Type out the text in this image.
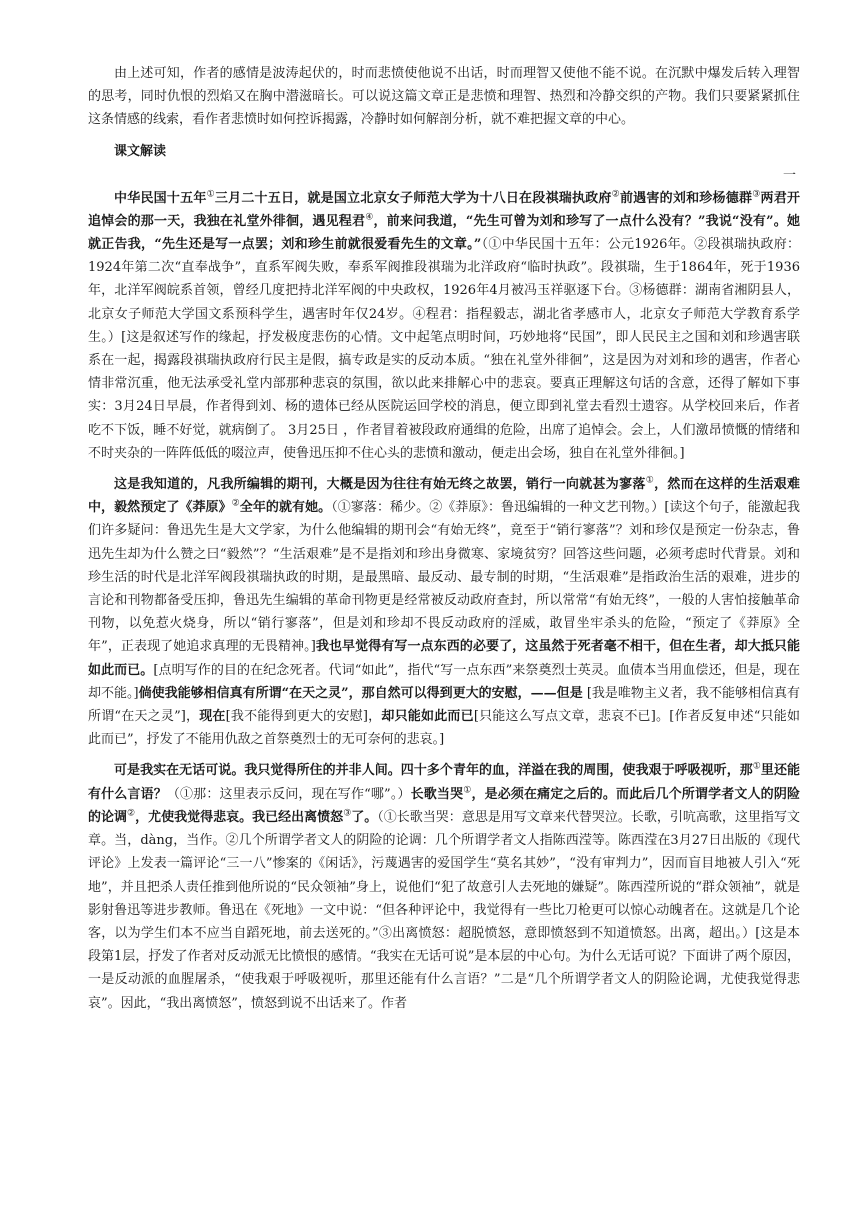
由上述可知，作者的感情是波涛起伏的，时而悲愤使他说不出话，时而理智又使他不能不说。在沉默中爆发后转入理智的思考，同时仇恨的烈焰又在胸中潜滋暗长。可以说这篇文章正是悲愤和理智、热烈和冷静交织的产物。我们只要紧紧抓住这条情感的线索，看作者悲愤时如何控诉揭露，冷静时如何解剖分析，就不难把握文章的中心。

课文解读
一

中华民国十五年①三月二十五日，就是国立北京女子师范大学为十八日在段祺瑞执政府②前遇害的刘和珍杨德群③两君开追悼会的那一天，我独在礼堂外徘徊，遇见程君④，前来问我道，“先生可曾为刘和珍写了一点什么没有？”我说“没有”。她就正告我，“先生还是写一点罢；刘和珍生前就很爱看先生的文章。”（①中华民国十五年：公元1926年。②段祺瑞执政府：1924年第二次“直奉战争”，直系军阀失败，奉系军阀推段祺瑞为北洋政府“临时执政”。段祺瑞，生于1864年，死于1936年，北洋军阀皖系首领，曾经几度把持北洋军阀的中央政权，1926年4月被冯玉祥驱逐下台。③杨德群：湖南省湘阴县人，北京女子师范大学国文系预科学生，遇害时年仅24岁。④程君：指程毅志，湖北省孝感市人，北京女子师范大学教育系学生。）[这是叙述写作的缘起，抒发极度悲伤的心情。文中起笔点明时间，巧妙地将“民国”，即人民民主之国和刘和珍遇害联系在一起，揭露段祺瑞执政府行民主是假，搞专政是实的反动本质。“独在礼堂外徘徊”，这是因为对刘和珍的遇害，作者心情非常沉重，他无法承受礼堂内部那种悲哀的氛围，欲以此来排解心中的悲哀。要真正理解这句话的含意，还得了解如下事实：3月24日早晨，作者得到刘、杨的遗体已经从医院运回学校的消息，便立即到礼堂去看烈士遗容。从学校回来后，作者吃不下饭，睡不好觉，就病倒了。 3月25日 ，作者冒着被段政府通缉的危险，出席了追悼会。会上，人们激昂愤慨的情绪和不时夹杂的一阵阵低低的啜泣声，使鲁迅压抑不住心头的悲愤和激动，便走出会场，独自在礼堂外徘徊。]

这是我知道的，凡我所编辑的期刊，大概是因为往往有始无终之故罢，销行一向就甚为寥落①，然而在这样的生活艰难中，毅然预定了《莽原》②全年的就有她。（①寥落：稀少。②《莽原》：鲁迅编辑的一种文艺刊物。）[读这个句子，能激起我们许多疑问：鲁迅先生是大文学家，为什么他编辑的期刊会“有始无终”，竟至于“销行寥落”？刘和珍仅是预定一份杂志，鲁迅先生却为什么赞之曰“毅然”？“生活艰难”是不是指刘和珍出身微寒、家境贫穷？回答这些问题，必须考虑时代背景。刘和珍生活的时代是北洋军阀段祺瑞执政的时期，是最黑暗、最反动、最专制的时期，“生活艰难”是指政治生活的艰难，进步的言论和刊物都备受压抑，鲁迅先生编辑的革命刊物更是经常被反动政府查封，所以常常“有始无终”，一般的人害怕接触革命刊物，以免惹火烧身，所以“销行寥落”，但是刘和珍却不畏反动政府的淫威，敢冒坐牢杀头的危险，“预定了《莽原》全年”，正表现了她追求真理的无畏精神。]我也早觉得有写一点东西的必要了，这虽然于死者毫不相干，但在生者，却大抵只能如此而已。[点明写作的目的在纪念死者。代词“如此”，指代“写一点东西”来祭奠烈士英灵。血债本当用血偿还，但是，现在却不能。]倘使我能够相信真有所谓“在天之灵”，那自然可以得到更大的安慰，——但是 [我是唯物主义者，我不能够相信真有所谓“在天之灵”]，现在[我不能得到更大的安慰]，却只能如此而已[只能这么写点文章，悲哀不已]。[作者反复申述“只能如此而已”，抒发了不能用仇敌之首祭奠烈士的无可奈何的悲哀。]

可是我实在无话可说。我只觉得所住的并非人间。四十多个青年的血，洋溢在我的周围，使我艰于呼吸视听，那①里还能有什么言语？（①那：这里表示反问，现在写作“哪”。）长歌当哭①，是必须在痛定之后的。而此后几个所谓学者文人的阴险的论调②，尤使我觉得悲哀。我已经出离愤怒③了。（①长歌当哭：意思是用写文章来代替哭泣。长歌，引吭高歌，这里指写文章。当，dàng，当作。②几个所谓学者文人的阴险的论调：几个所谓学者文人指陈西滢等。陈西滢在3月27日出版的《现代评论》上发表一篇评论“三一八”惨案的《闲话》，污蔑遇害的爱国学生“莫名其妙”，“没有审判力”，因而盲目地被人引入“死地”，并且把杀人责任推到他所说的“民众领袖”身上，说他们“犯了故意引人去死地的嫌疑”。陈西滢所说的“群众领袖”，就是影射鲁迅等进步教师。鲁迅在《死地》一文中说：“但各种评论中，我觉得有一些比刀枪更可以惊心动魄者在。这就是几个论客，以为学生们本不应当自蹈死地，前去送死的。”③出离愤怒：超脱愤怒，意即愤怒到不知道愤怒。出离，超出。）[这是本段第1层，抒发了作者对反动派无比愤恨的感情。“我实在无话可说”是本层的中心句。为什么无话可说？下面讲了两个原因，一是反动派的血腥屠杀，“使我艰于呼吸视听，那里还能有什么言语？”二是“几个所谓学者文人的阴险论调，尤使我觉得悲哀”。因此，“我出离愤怒”，愤怒到说不出话来了。作者
